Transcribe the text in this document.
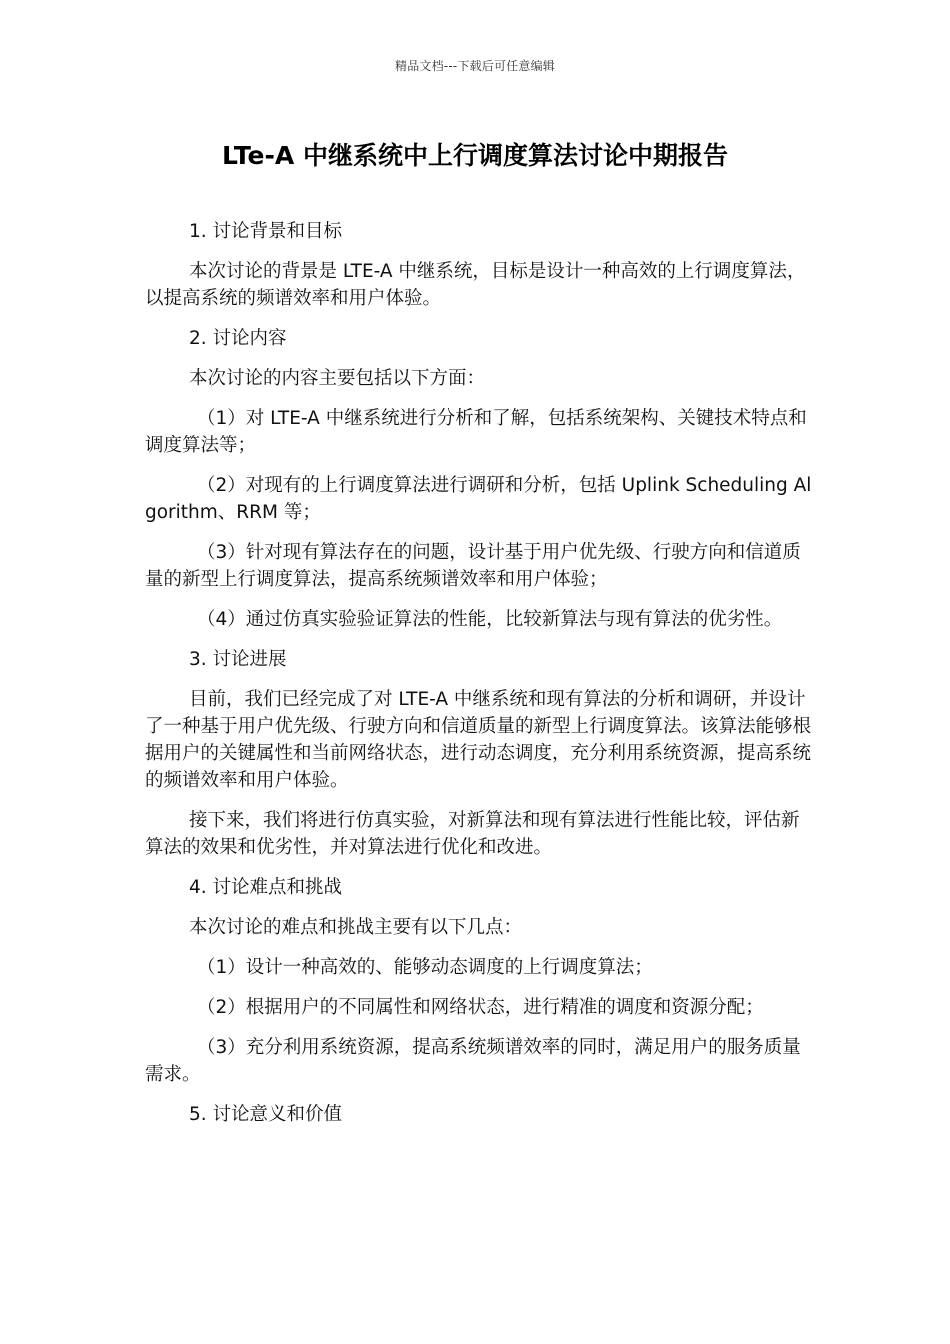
精品文档---下载后可任意编辑
LTe-A 中继系统中上行调度算法讨论中期报告

1. 讨论背景和目标

本次讨论的背景是 LTE-A 中继系统，目标是设计一种高效的上行调度算法，以提高系统的频谱效率和用户体验。

2. 讨论内容

本次讨论的内容主要包括以下方面：

（1）对 LTE-A 中继系统进行分析和了解，包括系统架构、关键技术特点和调度算法等；

（2）对现有的上行调度算法进行调研和分析，包括 Uplink Scheduling Algorithm、RRM 等；

（3）针对现有算法存在的问题，设计基于用户优先级、行驶方向和信道质量的新型上行调度算法，提高系统频谱效率和用户体验；

（4）通过仿真实验验证算法的性能，比较新算法与现有算法的优劣性。

3. 讨论进展

目前，我们已经完成了对 LTE-A 中继系统和现有算法的分析和调研，并设计了一种基于用户优先级、行驶方向和信道质量的新型上行调度算法。该算法能够根据用户的关键属性和当前网络状态，进行动态调度，充分利用系统资源，提高系统的频谱效率和用户体验。

接下来，我们将进行仿真实验，对新算法和现有算法进行性能比较，评估新算法的效果和优劣性，并对算法进行优化和改进。

4. 讨论难点和挑战

本次讨论的难点和挑战主要有以下几点：

（1）设计一种高效的、能够动态调度的上行调度算法；

（2）根据用户的不同属性和网络状态，进行精准的调度和资源分配；

（3）充分利用系统资源，提高系统频谱效率的同时，满足用户的服务质量需求。

5. 讨论意义和价值
